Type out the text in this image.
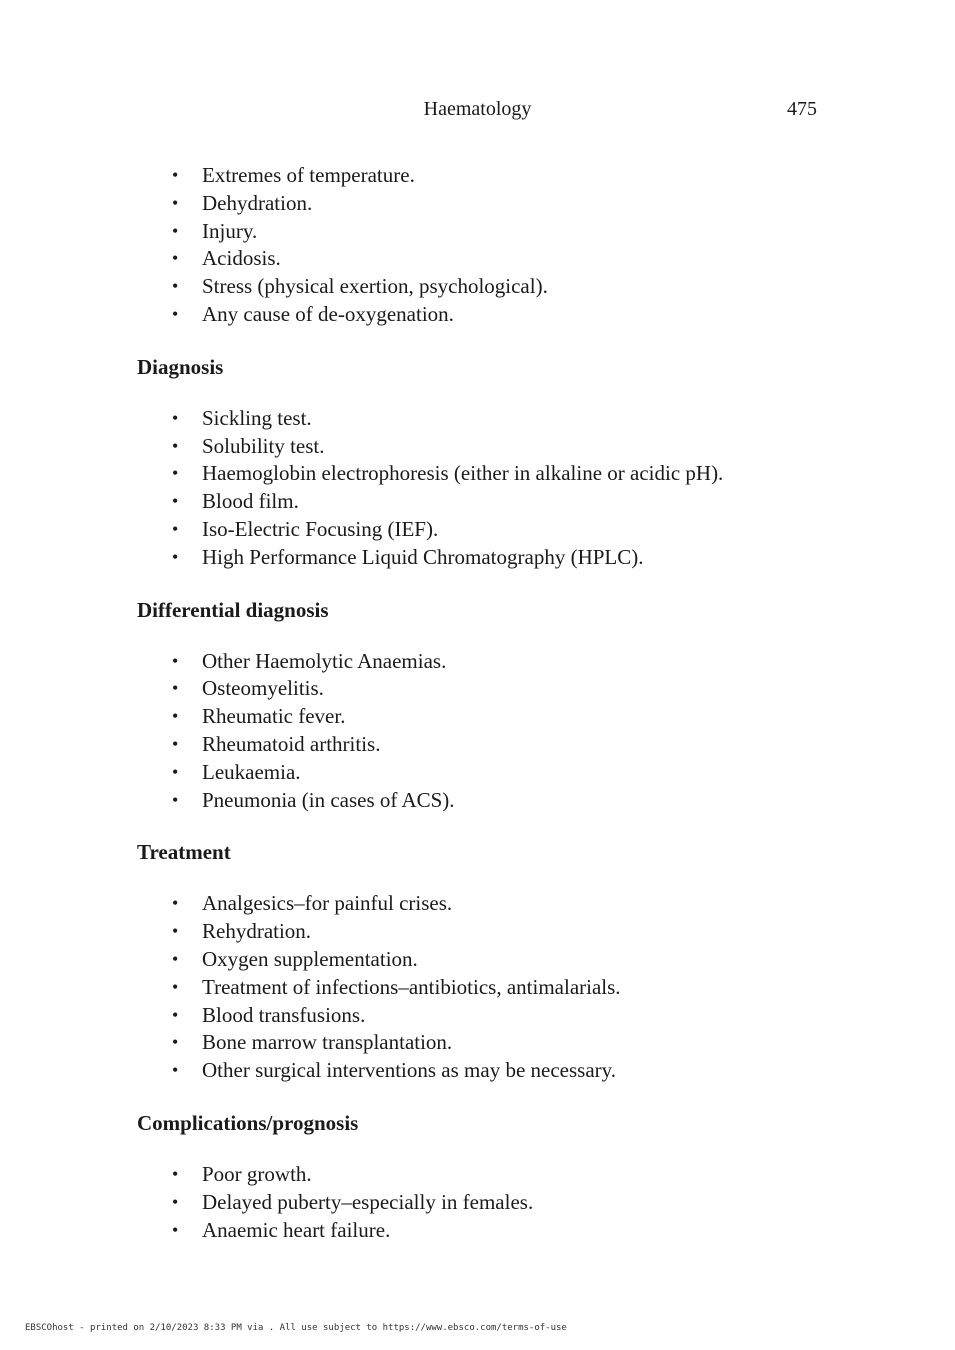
Haematology	475
• Extremes of temperature.
• Dehydration.
• Injury.
• Acidosis.
• Stress (physical exertion, psychological).
• Any cause of de-oxygenation.
Diagnosis
• Sickling test.
• Solubility test.
• Haemoglobin electrophoresis (either in alkaline or acidic pH).
• Blood film.
• Iso-Electric Focusing (IEF).
• High Performance Liquid Chromatography (HPLC).
Differential diagnosis
• Other Haemolytic Anaemias.
• Osteomyelitis.
• Rheumatic fever.
• Rheumatoid arthritis.
• Leukaemia.
• Pneumonia (in cases of ACS).
Treatment
• Analgesics–for painful crises.
• Rehydration.
• Oxygen supplementation.
• Treatment of infections–antibiotics, antimalarials.
• Blood transfusions.
• Bone marrow transplantation.
• Other surgical interventions as may be necessary.
Complications/prognosis
• Poor growth.
• Delayed puberty–especially in females.
• Anaemic heart failure.
EBSCOhost - printed on 2/10/2023 8:33 PM via . All use subject to https://www.ebsco.com/terms-of-use
